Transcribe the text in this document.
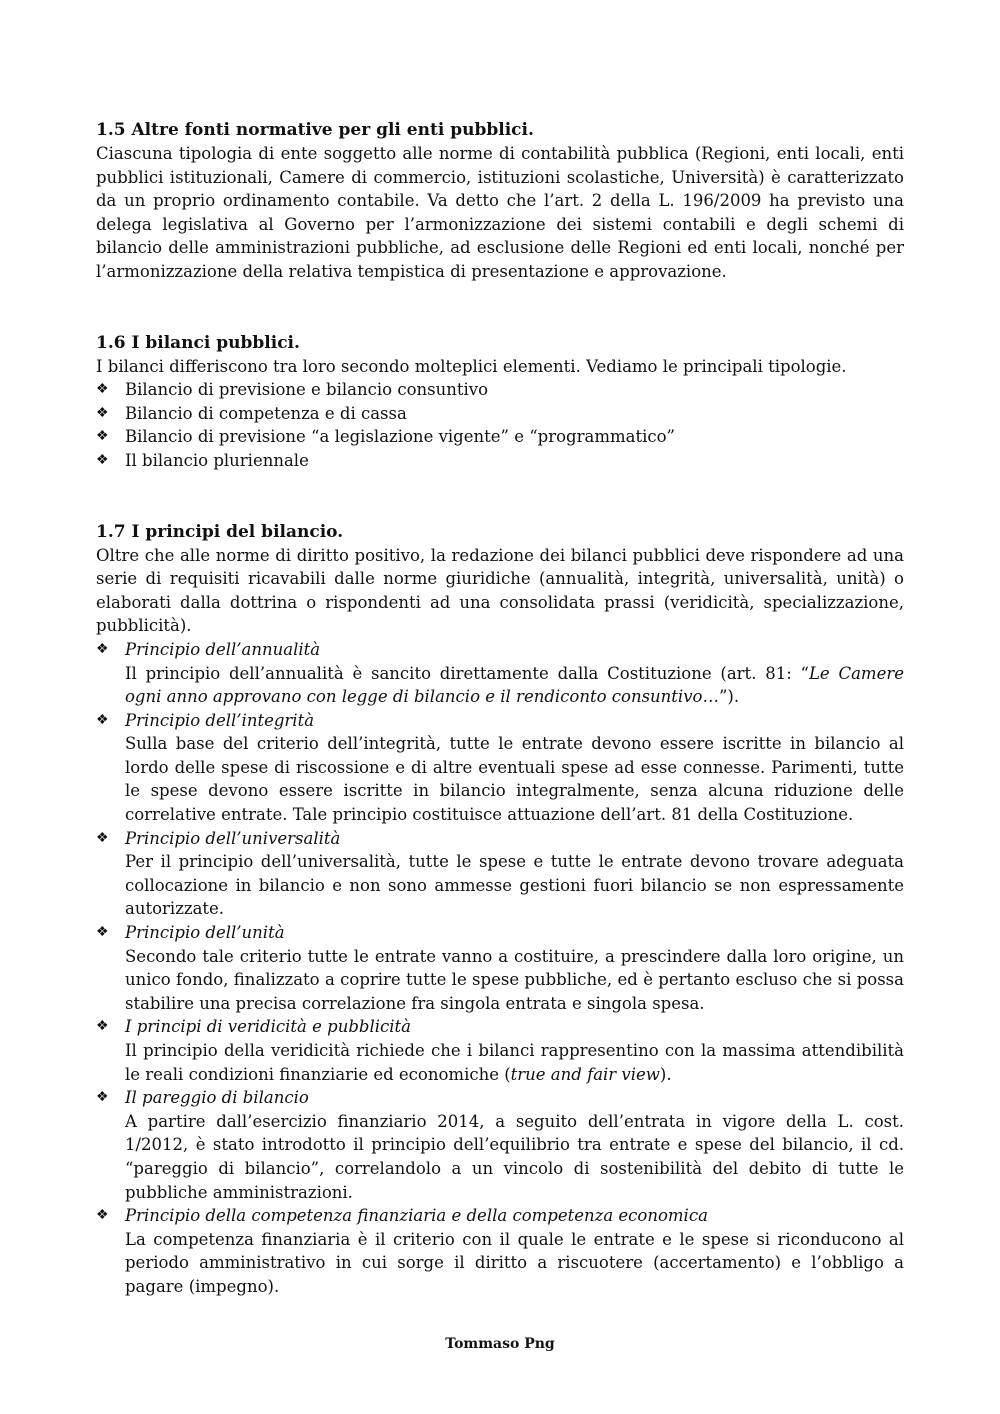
1.5 Altre fonti normative per gli enti pubblici.

Ciascuna tipologia di ente soggetto alle norme di contabilità pubblica (Regioni, enti locali, enti pubblici istituzionali, Camere di commercio, istituzioni scolastiche, Università) è caratterizzato da un proprio ordinamento contabile. Va detto che l’art. 2 della L. 196/2009 ha previsto una delega legislativa al Governo per l’armonizzazione dei sistemi contabili e degli schemi di bilancio delle amministrazioni pubbliche, ad esclusione delle Regioni ed enti locali, nonché per l’armonizzazione della relativa tempistica di presentazione e approvazione.

1.6 I bilanci pubblici.

I bilanci differiscono tra loro secondo molteplici elementi. Vediamo le principali tipologie.

❖ Bilancio di previsione e bilancio consuntivo
❖ Bilancio di competenza e di cassa
❖ Bilancio di previsione “a legislazione vigente” e “programmatico”
❖ Il bilancio pluriennale
1.7 I principi del bilancio.

Oltre che alle norme di diritto positivo, la redazione dei bilanci pubblici deve rispondere ad una serie di requisiti ricavabili dalle norme giuridiche (annualità, integrità, universalità, unità) o elaborati dalla dottrina o rispondenti ad una consolidata prassi (veridicità, specializzazione, pubblicità).

❖ Principio dell’annualità
Il principio dell’annualità è sancito direttamente dalla Costituzione (art. 81: “Le Camere ogni anno approvano con legge di bilancio e il rendiconto consuntivo…”).
❖ Principio dell’integrità
Sulla base del criterio dell’integrità, tutte le entrate devono essere iscritte in bilancio al lordo delle spese di riscossione e di altre eventuali spese ad esse connesse. Parimenti, tutte le spese devono essere iscritte in bilancio integralmente, senza alcuna riduzione delle correlative entrate. Tale principio costituisce attuazione dell’art. 81 della Costituzione.
❖ Principio dell’universalità
Per il principio dell’universalità, tutte le spese e tutte le entrate devono trovare adeguata collocazione in bilancio e non sono ammesse gestioni fuori bilancio se non espressamente autorizzate.
❖ Principio dell’unità
Secondo tale criterio tutte le entrate vanno a costituire, a prescindere dalla loro origine, un unico fondo, finalizzato a coprire tutte le spese pubbliche, ed è pertanto escluso che si possa stabilire una precisa correlazione fra singola entrata e singola spesa.
❖ I principi di veridicità e pubblicità
Il principio della veridicità richiede che i bilanci rappresentino con la massima attendibilità le reali condizioni finanziarie ed economiche (true and fair view).
❖ Il pareggio di bilancio
A partire dall’esercizio finanziario 2014, a seguito dell’entrata in vigore della L. cost. 1/2012, è stato introdotto il principio dell’equilibrio tra entrate e spese del bilancio, il cd. “pareggio di bilancio”, correlandolo a un vincolo di sostenibilità del debito di tutte le pubbliche amministrazioni.
❖ Principio della competenza finanziaria e della competenza economica
La competenza finanziaria è il criterio con il quale le entrate e le spese si riconducono al periodo amministrativo in cui sorge il diritto a riscuotere (accertamento) e l’obbligo a pagare (impegno).
Tommaso Png
